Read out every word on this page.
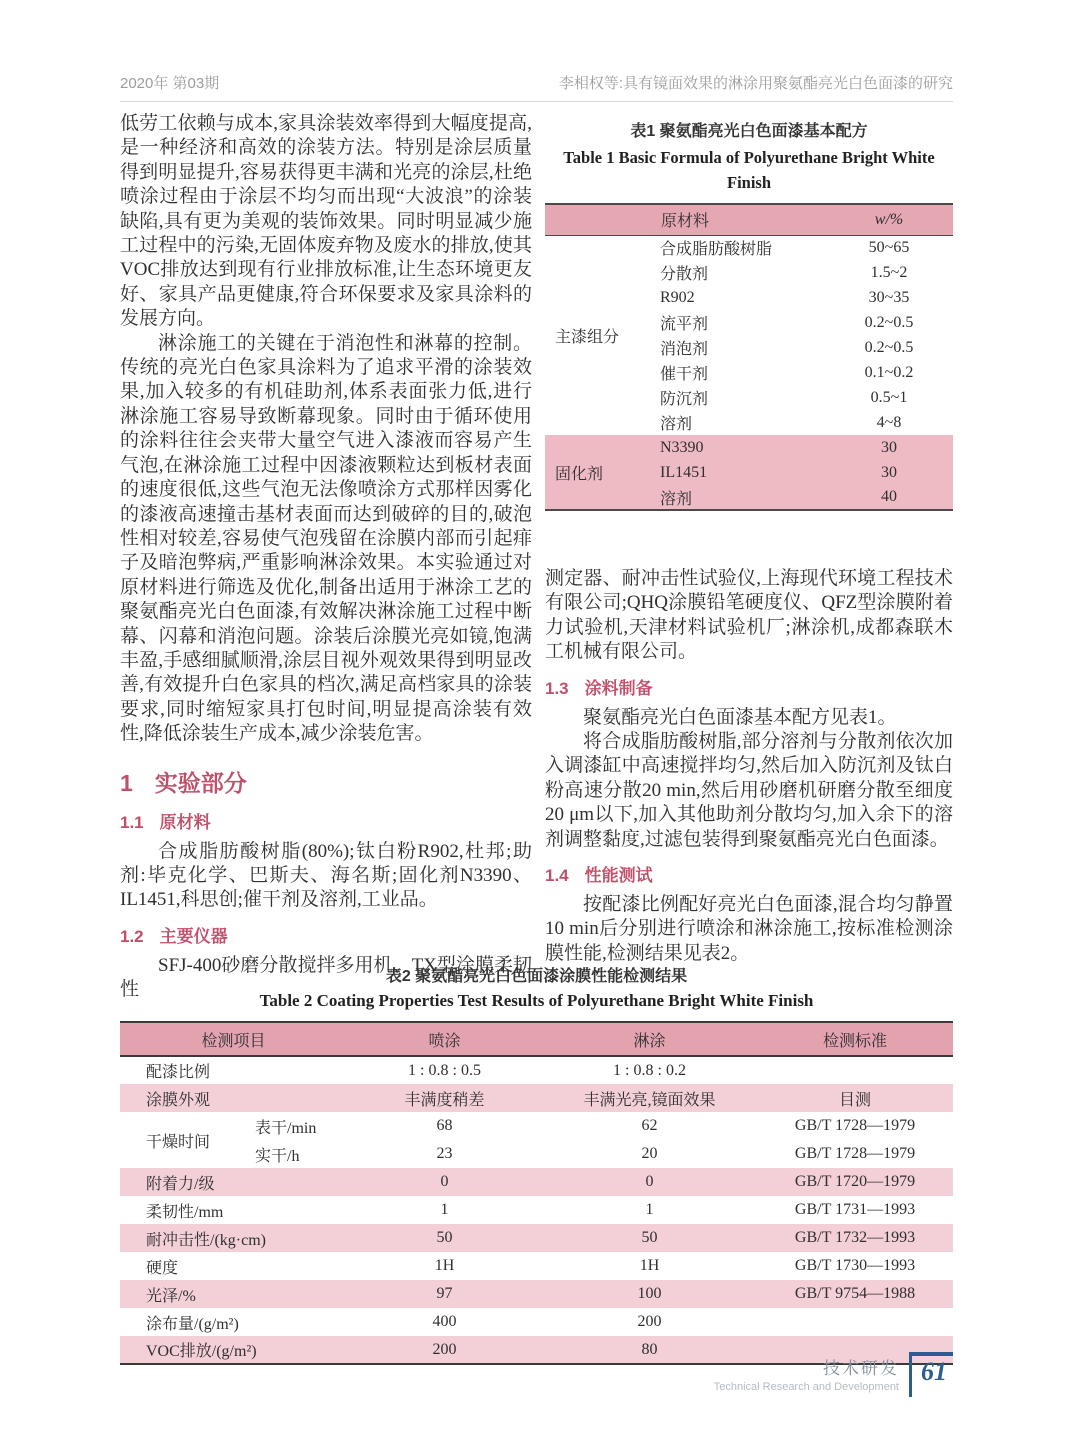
2020年 第03期	李相权等:具有镜面效果的淋涂用聚氨酯亮光白色面漆的研究

低劳工依赖与成本,家具涂装效率得到大幅度提高,是一种经济和高效的涂装方法。特别是涂层质量得到明显提升,容易获得更丰满和光亮的涂层,杜绝喷涂过程由于涂层不均匀而出现“大波浪”的涂装缺陷,具有更为美观的装饰效果。同时明显减少施工过程中的污染,无固体废弃物及废水的排放,使其VOC排放达到现有行业排放标准,让生态环境更友好、家具产品更健康,符合环保要求及家具涂料的发展方向。

淋涂施工的关键在于消泡性和淋幕的控制。传统的亮光白色家具涂料为了追求平滑的涂装效果,加入较多的有机硅助剂,体系表面张力低,进行淋涂施工容易导致断幕现象。同时由于循环使用的涂料往往会夹带大量空气进入漆液而容易产生气泡,在淋涂施工过程中因漆液颗粒达到板材表面的速度很低,这些气泡无法像喷涂方式那样因雾化的漆液高速撞击基材表面而达到破碎的目的,破泡性相对较差,容易使气泡残留在涂膜内部而引起痱子及暗泡弊病,严重影响淋涂效果。本实验通过对原材料进行筛选及优化,制备出适用于淋涂工艺的聚氨酯亮光白色面漆,有效解决淋涂施工过程中断幕、闪幕和消泡问题。涂装后涂膜光亮如镜,饱满丰盈,手感细腻顺滑,涂层目视外观效果得到明显改善,有效提升白色家具的档次,满足高档家具的涂装要求,同时缩短家具打包时间,明显提高涂装有效性,降低涂装生产成本,减少涂装危害。

1 实验部分
1.1 原材料

合成脂肪酸树脂(80%);钛白粉R902,杜邦;助剂:毕克化学、巴斯夫、海名斯;固化剂N3390、IL1451,科思创;催干剂及溶剂,工业品。

1.2 主要仪器

SFJ-400砂磨分散搅拌多用机、TX型涂膜柔韧性

表1 聚氨酯亮光白色面漆基本配方
Table 1 Basic Formula of Polyurethane Bright White
Finish
原材料		w/%
主漆组分	合成脂肪酸树脂	50~65
	分散剂	1.5~2
	R902	30~35
	流平剂	0.2~0.5
	消泡剂	0.2~0.5
	催干剂	0.1~0.2
	防沉剂	0.5~1
	溶剂	4~8
固化剂	N3390	30
	IL1451	30
	溶剂	40

测定器、耐冲击性试验仪,上海现代环境工程技术有限公司;QHQ涂膜铅笔硬度仪、QFZ型涂膜附着力试验机,天津材料试验机厂;淋涂机,成都森联木工机械有限公司。

1.3 涂料制备

聚氨酯亮光白色面漆基本配方见表1。

将合成脂肪酸树脂,部分溶剂与分散剂依次加入调漆缸中高速搅拌均匀,然后加入防沉剂及钛白粉高速分散20 min,然后用砂磨机研磨分散至细度20 μm以下,加入其他助剂分散均匀,加入余下的溶剂调整黏度,过滤包装得到聚氨酯亮光白色面漆。

1.4 性能测试

按配漆比例配好亮光白色面漆,混合均匀静置10 min后分别进行喷涂和淋涂施工,按标准检测涂膜性能,检测结果见表2。

表2 聚氨酯亮光白色面漆涂膜性能检测结果
Table 2 Coating Properties Test Results of Polyurethane Bright White Finish
检测项目		喷涂	淋涂	检测标准
配漆比例		1 : 0.8 : 0.5	1 : 0.8 : 0.2	
涂膜外观		丰满度稍差	丰满光亮,镜面效果	目测
干燥时间	表干/min	68	62	GB/T 1728—1979
	实干/h	23	20	GB/T 1728—1979
附着力/级		0	0	GB/T 1720—1979
柔韧性/mm		1	1	GB/T 1731—1993
耐冲击性/(kg·cm)		50	50	GB/T 1732—1993
硬度		1H	1H	GB/T 1730—1993
光泽/%		97	100	GB/T 9754—1988
涂布量/(g/m²)		400	200	
VOC排放/(g/m²)		200	80	
技术研发
Technical Research and Development
61
